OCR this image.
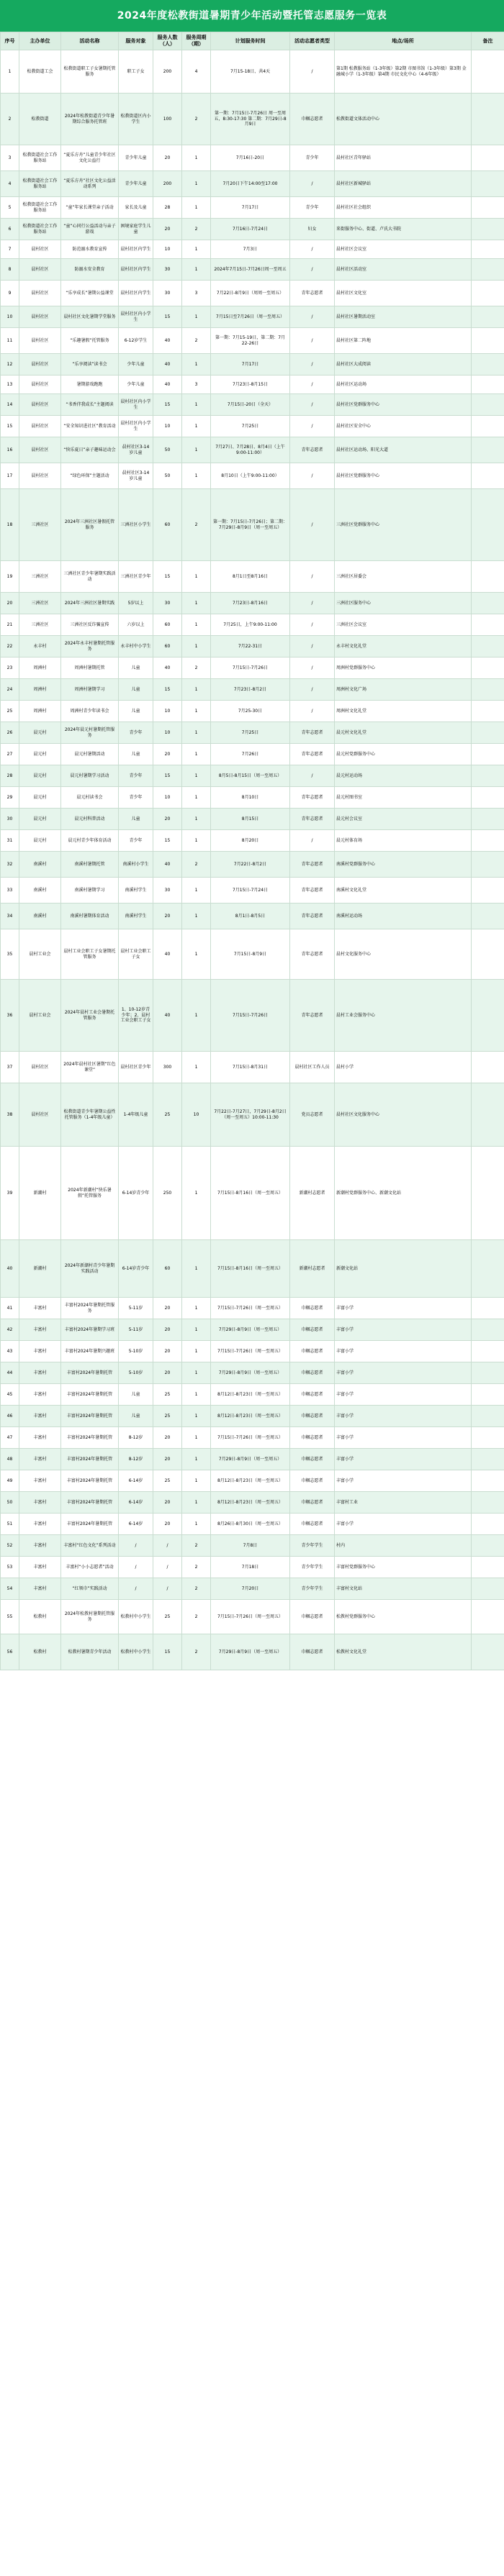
2024年度松教街道暑期青少年活动暨托管志愿服务一览表
序号	主办单位	活动名称	服务对象	服务人数（人）	服务周期（期）	计划服务时间	活动志愿者类型	地点/场所	备注
1	松教街道工会	松教街道职工子女暑期托管服务	职工子女	200	4	7月15-18日、共4天	/	第1期 松教服务站（1-3年级）第2期 市图书馆（1-3年级）第3期 金融城小学（1-3年级）第4期 市民文化中心（4-6年级）	
2	松教街道	2024年松教街道青少年暑期综合服务托管班	松教街道区内小学生	100	2	第一期：7月15日-7月26日 周一至周五，8:30-17:30 第二期：7月29日-8月9日	巾帼志愿者	松教街道文体活动中心	
3	松教街道社会工作服务站	“夏乐方舟”儿童青少年社区文化公益行	青少年儿童	20	1	7月16日-20日	青少年	晨村社区青年驿站	
4	松教街道社会工作服务站	“夏乐方舟”社区文化公益活动系列	青少年儿童	200	1	7月20日下午14:00至17:00	/	晨村社区新城驿站	
5	松教街道社会工作服务站	“童”年家长课堂亲子活动	家长及儿童	28	1	7月17日	青少年	晨村社区社会组织	
6	松教街道社会工作服务站	“童”心同行公益活动与亲子游戏	困境家庭学生儿童	20	2	7月16日-7月24日	妇女	来街服务中心、街道、卢氏大书院	
7	晨村社区	防范溺水教育宣传	晨村社区内学生	10	1	7月3日	/	晨村社区会议室	
8	晨村社区	防溺水安全教育	晨村社区内学生	30	1	2024年7月15日-7月26日周一至周五	/	晨村社区活动室	
9	晨村社区	“乐享成长”暑期公益课堂	晨村社区内学生	30	3	7月22日-8月9日（周周一至周五）	青年志愿者	晨村社区文化室	
10	晨村社区	晨村社区文化暑期学堂服务	晨村社区内小学生	15	1	7月15日至7月26日（周一至周五）	/	晨村社区暑期活动室	
11	晨村社区	“乐趣暑假”托管服务	6-12岁学生	40	2	第一期：7月15-19日，第二期：7月22-26日	/	晨村社区第二阵地	
12	晨村社区	“乐享阅读”读书会	少年儿童	40	1	7月17日	/	晨村社区大成阅读	
13	晨村社区	暑期游戏跑跑	少年儿童	40	3	7月23日-8月15日	/	晨村社区运动场	
14	晨村社区	“书香伴我成长”主题阅读	晨村社区内小学生	15	1	7月15日-20日（全天）	/	晨村社区党群服务中心	
15	晨村社区	“安全知识进社区”教育活动	晨村社区内小学生	10	1	7月25日	/	晨村社区安全中心	
16	晨村社区	“快乐夏日”亲子趣味运动会	晨村社区3-14岁儿童	50	1	7月27日、7月28日、8月4日（上午9:00-11:00）	青年志愿者	晨村社区运动场、阳光大道	
17	晨村社区	“绿色环保”主题活动	晨村社区3-14岁儿童	50	1	8月10日（上午9:00-11:00）	/	晨村社区党群服务中心	
18	三洲社区	2024年三洲社区暑假托管服务	三洲社区小学生	60	2	第一期：7月15日-7月26日；第二期：7月29日-8月9日（周一至周五）	/	三洲社区党群服务中心	
19	三洲社区	三洲社区青少年暑期实践活动	三洲社区青少年	15	1	8月1日至8月16日	/	三洲社区居委会	
20	三洲社区	2024年三洲社区暑期实践	5岁以上	30	1	7月23日-8月16日	/	三洲社区服务中心	
21	三洲社区	三洲社区反诈骗宣传	六岁以上	60	1	7月25日，上午9:00-11:00	/	三洲社区会议室	
22	永丰村	2024年永丰村暑期托管服务	永丰村中小学生	60	1	7月22-31日	/	永丰村文化礼堂	
23	周洲村	周洲村暑期托管	儿童	40	2	7月15日-7月26日	/	周洲村党群服务中心	
24	周洲村	周洲村暑期学习	儿童	15	1	7月23日-8月2日	/	周洲村文化广场	
25	周洲村	周洲村青少年读书会	儿童	10	1	7月25-30日	/	周洲村文化礼堂	
26	晨元村	2024年晨元村暑期托管服务	青少年	10	1	7月25日	青年志愿者	晨元村文化礼堂	
27	晨元村	晨元村暑期活动	儿童	20	1	7月26日	青年志愿者	晨元村党群服务中心	
28	晨元村	晨元村暑期学习活动	青少年	15	1	8月5日-8月15日（周一至周五）	/	晨元村运动场	
29	晨元村	晨元村读书会	青少年	10	1	8月10日	青年志愿者	晨元村图书室	
30	晨元村	晨元村科普活动	儿童	20	1	8月15日	青年志愿者	晨元村会议室	
31	晨元村	晨元村青少年体育活动	青少年	15	1	8月20日	/	晨元村体育场	
32	南溪村	南溪村暑期托管	南溪村小学生	40	2	7月22日-8月2日	青年志愿者	南溪村党群服务中心	
33	南溪村	南溪村暑期学习	南溪村学生	30	1	7月15日-7月24日	青年志愿者	南溪村文化礼堂	
34	南溪村	南溪村暑期体育活动	南溪村学生	20	1	8月1日-8月5日	青年志愿者	南溪村运动场	
35	晨村工业会	晨村工业会职工子女暑期托管服务	晨村工业会职工子女	40	1	7月15日-8月9日	青年志愿者	晨村文化服务中心	
36	晨村工业会	2024年晨村工业会暑期托管服务	1、10-12岁青少年；2、晨村工业会职工子女	40	1	7月15日-7月26日	青年志愿者	晨村工业会服务中心	
37	晨村社区	2024年晨村社区暑期“红色课堂”	晨村社区青少年	300	1	7月15日-8月31日	晨村社区工作人员	晨村小学	
38	晨村社区	松教街道青少年暑期公益性托管服务（1-4年级儿童）	1-4年级儿童	25	10	7月22日-7月27日，7月29日-8月2日（周一至周五）10:00-11:30	党员志愿者	晨村社区文化服务中心	
39	新潮村	2024年新潮村“快乐暑假”托管服务	6-14岁青少年	250	1	7月15日-8月16日（周一至周五）	新潮村志愿者	新潮村党群服务中心、新潮文化站	
40	新潮村	2024年新潮村青少年暑期实践活动	6-14岁青少年	60	1	7月15日-8月16日（周一至周五）	新潮村志愿者	新潮文化站	
41	丰富村	丰富村2024年暑期托管服务	5-11岁	20	1	7月15日-7月26日（周一至周五）	巾帼志愿者	丰富小学	
42	丰富村	丰富村2024年暑期学习班	5-11岁	20	1	7月29日-8月9日（周一至周五）	巾帼志愿者	丰富小学	
43	丰富村	丰富村2024年暑期兴趣班	5-10岁	20	1	7月15日-7月26日（周一至周五）	巾帼志愿者	丰富小学	
44	丰富村	丰富村2024年暑期托管	5-10岁	20	1	7月29日-8月9日（周一至周五）	巾帼志愿者	丰富小学	
45	丰富村	丰富村2024年暑期托管	儿童	25	1	8月12日-8月23日（周一至周五）	巾帼志愿者	丰富小学	
46	丰富村	丰富村2024年暑期托管	儿童	25	1	8月12日-8月23日（周一至周五）	巾帼志愿者	丰富小学	
47	丰富村	丰富村2024年暑期托管	8-12岁	20	1	7月15日-7月26日（周一至周五）	巾帼志愿者	丰富小学	
48	丰富村	丰富村2024年暑期托管	8-12岁	20	1	7月29日-8月9日（周一至周五）	巾帼志愿者	丰富小学	
49	丰富村	丰富村2024年暑期托管	6-14岁	25	1	8月12日-8月23日（周一至周五）	巾帼志愿者	丰富小学	
50	丰富村	丰富村2024年暑期托管	6-14岁	20	1	8月12日-8月23日（周一至周五）	巾帼志愿者	丰富村工业	
51	丰富村	丰富村2024年暑期托管	6-14岁	20	1	8月26日-8月30日（周一至周五）	巾帼志愿者	丰富小学	
52	丰富村	丰富村“红色文化”系列活动	/	/	2	7月8日	青少年学生	村内	
53	丰富村	丰富村“小小志愿者”活动	/	/	2	7月18日	青少年学生	丰富村党群服务中心	
54	丰富村	“红领巾”实践活动	/	/	2	7月20日	青少年学生	丰富村文化站	
55	松教村	2024年松教村暑期托管服务	松教村中小学生	25	2	7月15日-7月26日（周一至周五）	巾帼志愿者	松教村党群服务中心	
56	松教村	松教村暑期青少年活动	松教村中小学生	15	2	7月29日-8月9日（周一至周五）	巾帼志愿者	松教村文化礼堂	
